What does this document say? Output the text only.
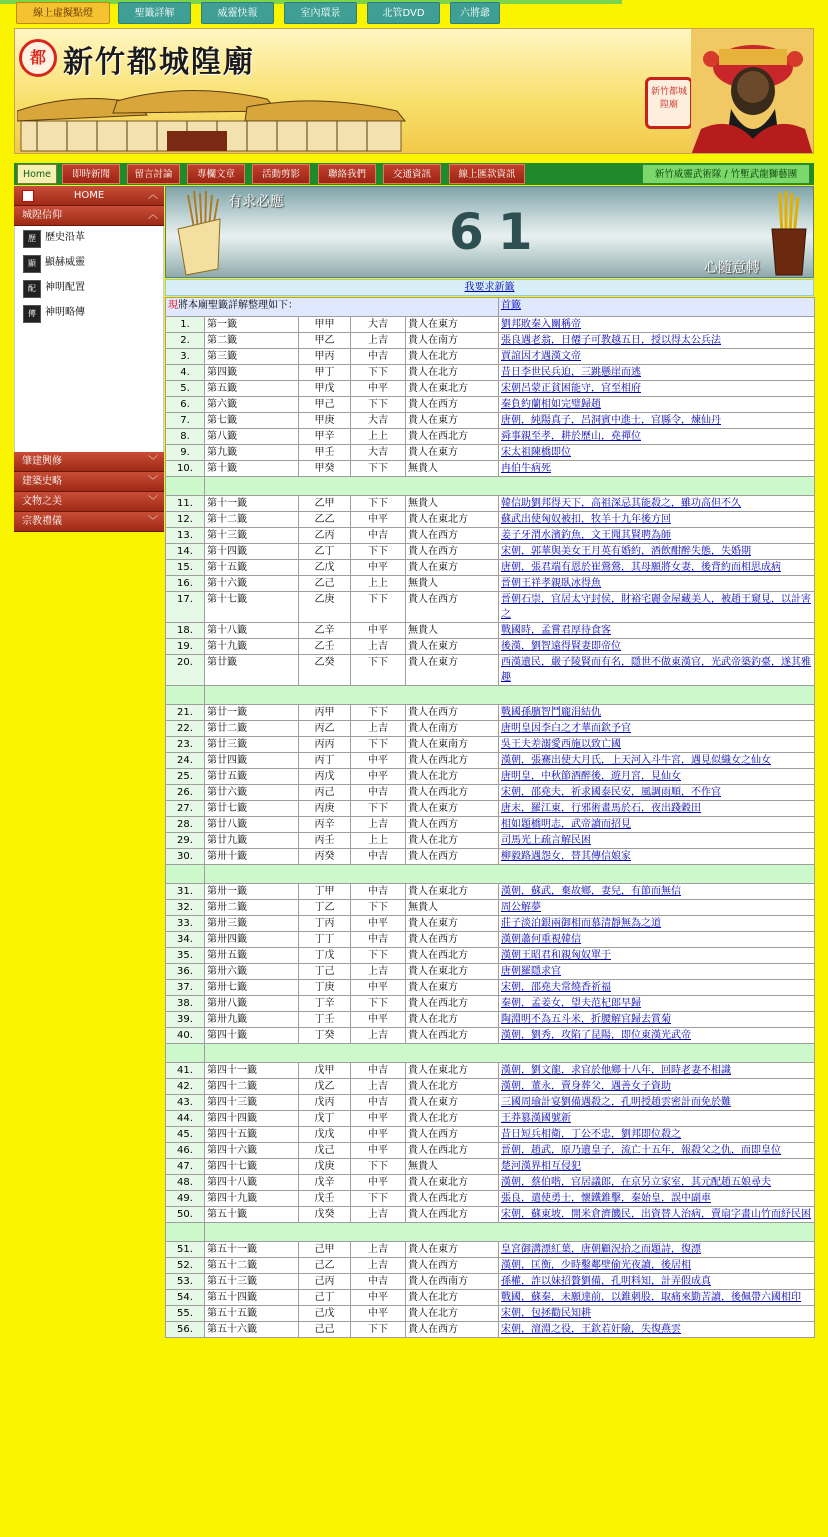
線上虛擬點燈	聖籤詳解	威靈快報	室內環景	北管DVD	六將爺
都 新竹都城隍廟
新竹都城隍廟
Home	即時新聞	留言討論	專欄文章	活動剪影	聯絡我們	交通資訊	線上匯款資訊	新竹威靈武術隊 / 竹塹武龍獅藝團
HOME	︿
城隍信仰	︿
歷 歷史沿革
顯 顯赫威靈
配 神明配置
傳 神明略傳
肇建興修	﹀
建築史略	﹀
文物之美	﹀
宗教禮儀	﹀
有求必應
61
心隨意轉
我要求新籤
現將本廟聖籤詳解整理如下：					首籤
1.	第一籤	甲甲	大吉	貴人在東方	劉邦敗秦入關稱帝
2.	第二籤	甲乙	上吉	貴人在南方	張良遇老翁，日僊子可教越五日，授以得太公兵法
3.	第三籤	甲丙	中吉	貴人在北方	賈誼因才遇漢文帝
4.	第四籤	甲丁	下下	貴人在北方	昔日李世民兵迫，三跳懸崖而逃
5.	第五籤	甲戊	中平	貴人在東北方	宋朝呂蒙正貧困能守，官至相府
6.	第六籤	甲己	下下	貴人在西方	秦負約蘭相如完璧歸趙
7.	第七籤	甲庚	大吉	貴人在東方	唐朝，純陽真子，呂洞賓中進士，官縣令，煉仙丹
8.	第八籤	甲辛	上上	貴人在西北方	舜事親至孝，耕於歷山，堯禪位
9.	第九籤	甲壬	大吉	貴人在東方	宋太祖陳橋即位
10.	第十籤	甲癸	下下	無貴人	冉伯牛病死

11.	第十一籤	乙甲	下下	無貴人	韓信助劉邦得天下，高祖深忌其能殺之，雖功高但不久
12.	第十二籤	乙乙	中平	貴人在東北方	蘇武出使匈奴被扣，牧羊十九年後方回
13.	第十三籤	乙丙	中吉	貴人在西方	姜子牙渭水濱釣魚，文王聞其賢聘為師
14.	第十四籤	乙丁	下下	貴人在西方	宋朝，郭華與美女王月英有婚約，酒飲酣醉失態，失婚期
15.	第十五籤	乙戊	中平	貴人在東方	唐朝，張君端有恩於崔鶯鶯，其母願將女妻，後背約而相思成病
16.	第十六籤	乙己	上上	無貴人	晉朝王祥孝親臥冰得魚
17.	第十七籤	乙庚	下下	貴人在西方	晉朝石崇，官居太守封侯，財裕宅麗金屋藏美人，被趙王窺見，以計害之
18.	第十八籤	乙辛	中平	無貴人	戰國時，孟嘗君厚待食客
19.	第十九籤	乙壬	上吉	貴人在東方	後漢，劉智遠得賢妻即帝位
20.	第廿籤	乙癸	下下	貴人在東方	西漢遺民，嚴子陵賢而有名，隱世不做東漢官，光武帝築釣臺，遂其雅趣

21.	第廿一籤	丙甲	下下	貴人在西方	戰國孫臏智鬥龐涓結仇
22.	第廿二籤	丙乙	上吉	貴人在南方	唐明皇因李白之才華而欽予官
23.	第廿三籤	丙丙	下下	貴人在東南方	吳王夫差溺愛西施以致亡國
24.	第廿四籤	丙丁	中平	貴人在西北方	漢朝，張騫出使大月氏，上天河入斗牛宮，遇見似織女之仙女
25.	第廿五籤	丙戊	中平	貴人在北方	唐明皇，中秋節酒醉後，遊月宮，見仙女
26.	第廿六籤	丙己	中吉	貴人在西北方	宋朝，邵堯夫，祈求國泰民安，風調雨順，不作官
27.	第廿七籤	丙庚	下下	貴人在東方	唐末，羅江東，行邪術畫馬於石，夜出踐穀田
28.	第廿八籤	丙辛	上吉	貴人在西方	相如題橋明志，武帝讀而招見
29.	第廿九籤	丙壬	上上	貴人在北方	司馬光上疏言解民困
30.	第卅十籤	丙癸	中吉	貴人在西方	柳毅路遇怨女，替其傳信娘家

31.	第卅一籤	丁甲	中吉	貴人在東北方	漢朝，蘇武，棄故鄉，妻兒，有節而無信
32.	第卅二籤	丁乙	下下	無貴人	周公解夢
33.	第卅三籤	丁丙	中平	貴人在東方	莊子淡泊銀兩御相而慕清靜無為之道
34.	第卅四籤	丁丁	中吉	貴人在西方	漢朝蕭何重視韓信
35.	第卅五籤	丁戊	下下	貴人在西北方	漢朝王昭君和親匈奴單于
36.	第卅六籤	丁己	上吉	貴人在東北方	唐朝羅隱求官
37.	第卅七籤	丁庚	中平	貴人在東方	宋朝，邵堯夫常燒香祈福
38.	第卅八籤	丁辛	下下	貴人在西北方	秦朝，孟姜女，望夫范杞郎早歸
39.	第卅九籤	丁壬	中平	貴人在北方	陶淵明不為五斗米，折腰解官歸去賞菊
40.	第四十籤	丁癸	上吉	貴人在西北方	漢朝，劉秀，攻陷了昆陽，即位東漢光武帝

41.	第四十一籤	戊甲	中吉	貴人在東北方	漢朝，劉文龍，求官於他鄉十八年，回時老妻不相識
42.	第四十二籤	戊乙	上吉	貴人在北方	漢朝，董永，賣身葬父，遇善女子資助
43.	第四十三籤	戊丙	中吉	貴人在東方	三國周瑜計宴劉備遇殺之，孔明授趙雲密計而免於難
44.	第四十四籤	戊丁	中平	貴人在北方	王莽篡漢國號新
45.	第四十五籤	戊戊	中平	貴人在西方	昔日短兵相衛，丁公不忠，劉邦即位殺之
46.	第四十六籤	戊己	中平	貴人在西北方	晉朝，趙武，原乃遺皇子，流亡十五年，報殺父之仇，而即皇位
47.	第四十七籤	戊庚	下下	無貴人	楚河漢界相互侵犯
48.	第四十八籤	戊辛	中平	貴人在東北方	漢朝，蔡伯喈，官居議郎，在京另立家室，其元配趙五娘尋夫
49.	第四十九籤	戊壬	下下	貴人在西北方	張良，遣使勇士，懷鐵錐擊，秦始皇，誤中副車
50.	第五十籤	戊癸	上吉	貴人在西北方	宋朝，蘇東坡，開米倉濟饑民，出資替人治病，賣扇字畫山竹而紓民困

51.	第五十一籤	己甲	上吉	貴人在東方	皇宮御溝漂紅葉，唐朝顧況拾之而題詩，復漂
52.	第五十二籤	己乙	上吉	貴人在西方	漢朝，匡衡，少時鑿鄰壁偷光夜讀，後居相
53.	第五十三籤	己丙	中吉	貴人在西南方	孫權，詐以妹招贅劉備，孔明料知，計弄假成真
54.	第五十四籤	己丁	中平	貴人在北方	戰國，蘇秦，未願達前，以錐刺股，取痛來勤苦讀，後佩帶六國相印
55.	第五十五籤	己戊	中平	貴人在北方	宋朝，包拯勸民知耕
56.	第五十六籤	己己	下下	貴人在西方	宋朝，澶淵之役，王欽若奸險，失復燕雲
